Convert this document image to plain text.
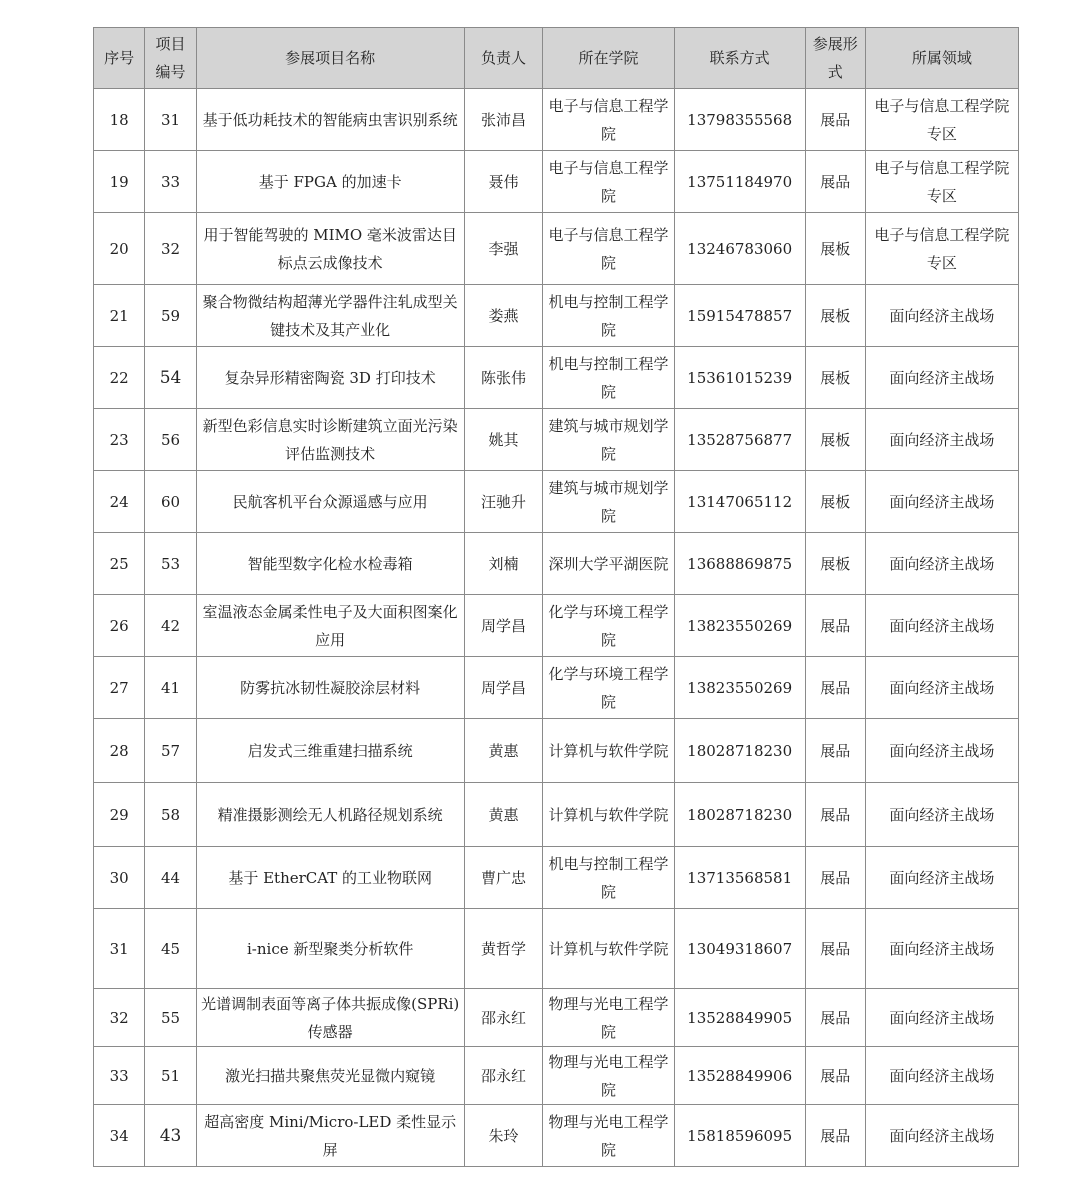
序号	项目编号	参展项目名称	负责人	所在学院	联系方式	参展形式	所属领域
18	31	基于低功耗技术的智能病虫害识别系统	张沛昌	电子与信息工程学院	13798355568	展品	电子与信息工程学院专区
19	33	基于 FPGA 的加速卡	聂伟	电子与信息工程学院	13751184970	展品	电子与信息工程学院专区
20	32	用于智能驾驶的 MIMO 毫米波雷达目标点云成像技术	李强	电子与信息工程学院	13246783060	展板	电子与信息工程学院专区
21	59	聚合物微结构超薄光学器件注轧成型关键技术及其产业化	娄燕	机电与控制工程学院	15915478857	展板	面向经济主战场
22	54	复杂异形精密陶瓷 3D 打印技术	陈张伟	机电与控制工程学院	15361015239	展板	面向经济主战场
23	56	新型色彩信息实时诊断建筑立面光污染评估监测技术	姚其	建筑与城市规划学院	13528756877	展板	面向经济主战场
24	60	民航客机平台众源遥感与应用	汪驰升	建筑与城市规划学院	13147065112	展板	面向经济主战场
25	53	智能型数字化检水检毒箱	刘楠	深圳大学平湖医院	13688869875	展板	面向经济主战场
26	42	室温液态金属柔性电子及大面积图案化应用	周学昌	化学与环境工程学院	13823550269	展品	面向经济主战场
27	41	防雾抗冰韧性凝胶涂层材料	周学昌	化学与环境工程学院	13823550269	展品	面向经济主战场
28	57	启发式三维重建扫描系统	黄惠	计算机与软件学院	18028718230	展品	面向经济主战场
29	58	精准摄影测绘无人机路径规划系统	黄惠	计算机与软件学院	18028718230	展品	面向经济主战场
30	44	基于 EtherCAT 的工业物联网	曹广忠	机电与控制工程学院	13713568581	展品	面向经济主战场
31	45	i-nice 新型聚类分析软件	黄哲学	计算机与软件学院	13049318607	展品	面向经济主战场
32	55	光谱调制表面等离子体共振成像(SPRi)传感器	邵永红	物理与光电工程学院	13528849905	展品	面向经济主战场
33	51	激光扫描共聚焦荧光显微内窥镜	邵永红	物理与光电工程学院	13528849906	展品	面向经济主战场
34	43	超高密度 Mini/Micro-LED 柔性显示屏	朱玲	物理与光电工程学院	15818596095	展品	面向经济主战场
